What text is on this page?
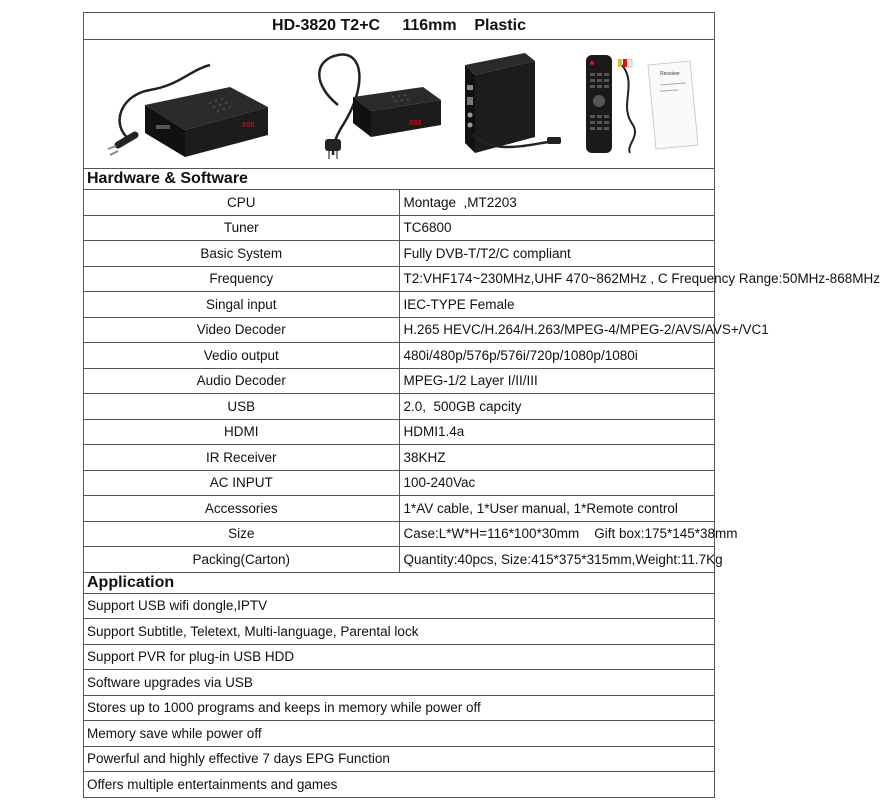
HD-3820 T2+C 116mm Plastic	

888 888
Receiver	

Hardware & Software	
CPU	Montage  ,MT2203
Tuner	TC6800
Basic System	Fully DVB-T/T2/C compliant
Frequency	T2:VHF174~230MHz,UHF 470~862MHz , C Frequency Range:50MHz-868MHz
Singal input	IEC-TYPE Female
Video Decoder	H.265 HEVC/H.264/H.263/MPEG-4/MPEG-2/AVS/AVS+/VC1
Vedio output	480i/480p/576p/576i/720p/1080p/1080i
Audio Decoder	MPEG-1/2 Layer I/II/III
USB	2.0,  500GB capcity
HDMI	HDMI1.4a
IR Receiver	38KHZ
AC INPUT	100-240Vac
Accessories	1*AV cable, 1*User manual, 1*Remote control
Size	Case:L*W*H=116*100*30mm    Gift box:175*145*38mm
Packing(Carton)	Quantity:40pcs, Size:415*375*315mm,Weight:11.7Kg
Application	
Support USB wifi dongle,IPTV	
Support Subtitle, Teletext, Multi-language, Parental lock	
Support PVR for plug-in USB HDD	
Software upgrades via USB	
Stores up to 1000 programs and keeps in memory while power off	
Memory save while power off	
Powerful and highly effective 7 days EPG Function	
Offers multiple entertainments and games	
